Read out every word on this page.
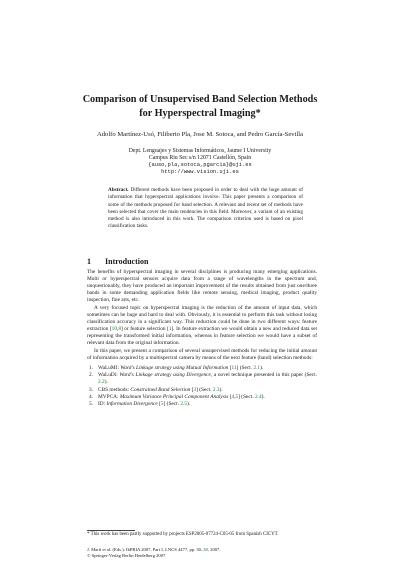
Comparison of Unsupervised Band Selection Methods
for Hyperspectral Imaging*

Adolfo Martínez-Usó, Filiberto Pla, Jose M. Sotoca, and Pedro García-Sevilla

Dept. Lenguajes y Sistemas Informáticos, Jaume I University
Campus Riu Sec s/n 12071 Castellón, Spain
{auso,pla,sotoca,pgarcia}@uji.es
http://www.vision.uji.es

Abstract. Different methods have been proposed in order to deal with the huge amount of information that hyperspectral applications involve. This paper presents a comparison of some of the methods proposed for band selection. A relevant and recent set of methods have been selected that cover the main tendencies in this field. Moreover, a variant of an existing method is also introduced in this work. The comparison criterion used is based on pixel classification tasks.

1 Introduction

The benefits of hyperspectral imaging in several disciplines is producing many emerging applications. Multi or hyperspectral sensors acquire data from a range of wavelengths in the spectrum and, unquestionably, they have produced an important improvement of the results obtained from just one/three bands in some demanding application fields like remote sensing, medical imaging, product quality inspection, fine arts, etc.

A very focused topic on hyperspectral imaging is the reduction of the amount of input data, which sometimes can be huge and hard to deal with. Obviously, it is essential to perform this task without losing classification accuracy in a significant way. This reduction could be done in two different ways: feature extraction [10,8] or feature selection [1]. In feature extraction we would obtain a new and reduced data set representing the transformed initial information, whereas in feature selection we would have a subset of relevant data from the original information.

In this paper, we present a comparison of several unsupervised methods for reducing the initial amount of information acquired by a multispectral camera by means of the next feature (band) selection methods:

1. WaLuMI: Ward's Linkage strategy using Mutual Information [11] (Sect. 2.1).
2. WaLuDi: Ward's Linkage strategy using Divergence, a novel technique presented in this paper (Sect. 2.2).
3. CBS methods: Constrained Band Selection [3] (Sect. 2.3).
4. MVPCA: Maximum Variance Principal Component Analysis [4,5] (Sect. 2.4).
5. ID: Information Divergence [5] (Sect. 2.5).

* This work has been partly supported by projects ESP2005-07724-C05-05 from Spanish CICYT.

J. Martí et al. (Eds.): IbPRIA 2007, Part I, LNCS 4477, pp. 30–38, 2007.
© Springer-Verlag Berlin Heidelberg 2007
